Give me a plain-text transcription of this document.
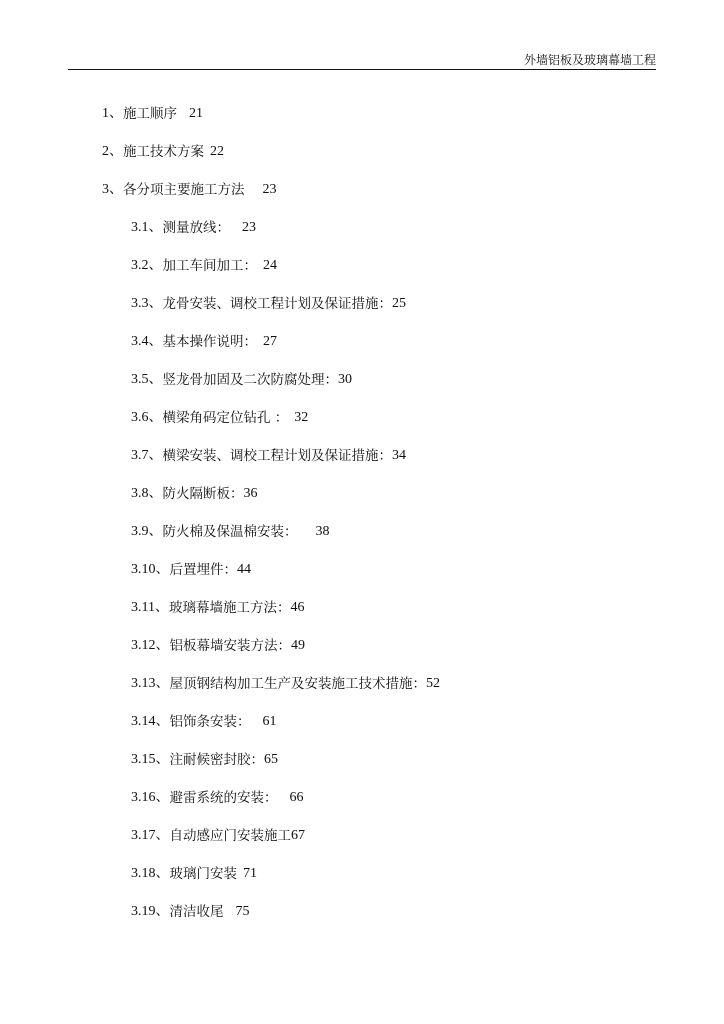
外墙铝板及玻璃幕墙工程
1、施工顺序 21
2、施工技术方案 22
3、各分项主要施工方法 23
3.1、测量放线： 23
3.2、加工车间加工： 24
3.3、龙骨安装、调校工程计划及保证措施：25
3.4、基本操作说明： 27
3.5、竖龙骨加固及二次防腐处理：30
3.6、横梁角码定位钻孔 ： 32
3.7、横梁安装、调校工程计划及保证措施：34
3.8、防火隔断板：36
3.9、防火棉及保温棉安装： 38
3.10、后置埋件：44
3.11、玻璃幕墙施工方法：46
3.12、铝板幕墙安装方法：49
3.13、屋顶钢结构加工生产及安装施工技术措施：52
3.14、铝饰条安装： 61
3.15、注耐候密封胶：65
3.16、避雷系统的安装： 66
3.17、自动感应门安装施工67
3.18、玻璃门安装 71
3.19、清洁收尾 75
